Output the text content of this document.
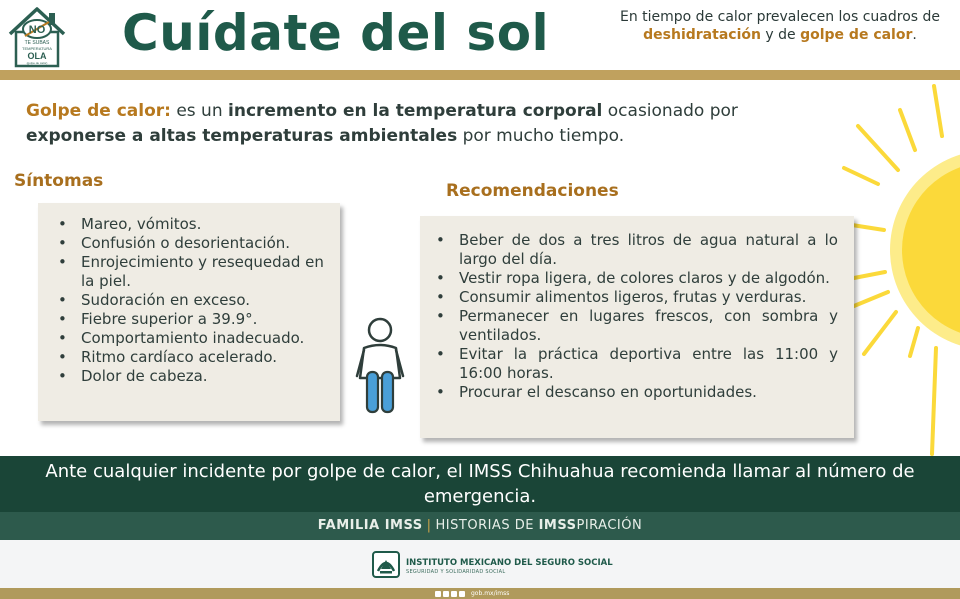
NO
TE SUBAS
TEMPERATURA
OLA
(golpe de calor)
Cuídate del sol	En tiempo de calor prevalecen los cuadros de deshidratación y de golpe de calor.
Golpe de calor: es un incremento en la temperatura corporal ocasionado por exponerse a altas temperaturas ambientales por mucho tiempo.
Síntomas
• Mareo, vómitos.
• Confusión o desorientación.
• Enrojecimiento y resequedad en la piel.
• Sudoración en exceso.
• Fiebre superior a 39.9°.
• Comportamiento inadecuado.
• Ritmo cardíaco acelerado.
• Dolor de cabeza.
Recomendaciones
• Beber de dos a tres litros de agua natural a lo largo del día.
• Vestir ropa ligera, de colores claros y de algodón.
• Consumir alimentos ligeros, frutas y verduras.
• Permanecer en lugares frescos, con sombra y ventilados.
• Evitar la práctica deportiva entre las 11:00 y 16:00 horas.
• Procurar el descanso en oportunidades.
Ante cualquier incidente por golpe de calor, el IMSS Chihuahua recomienda llamar al número de emergencia.
FAMILIA IMSS | HISTORIAS DE IMSSPIRACIÓN
INSTITUTO MEXICANO DEL SEGURO SOCIAL
SEGURIDAD Y SOLIDARIDAD SOCIAL
gob.mx/imss
